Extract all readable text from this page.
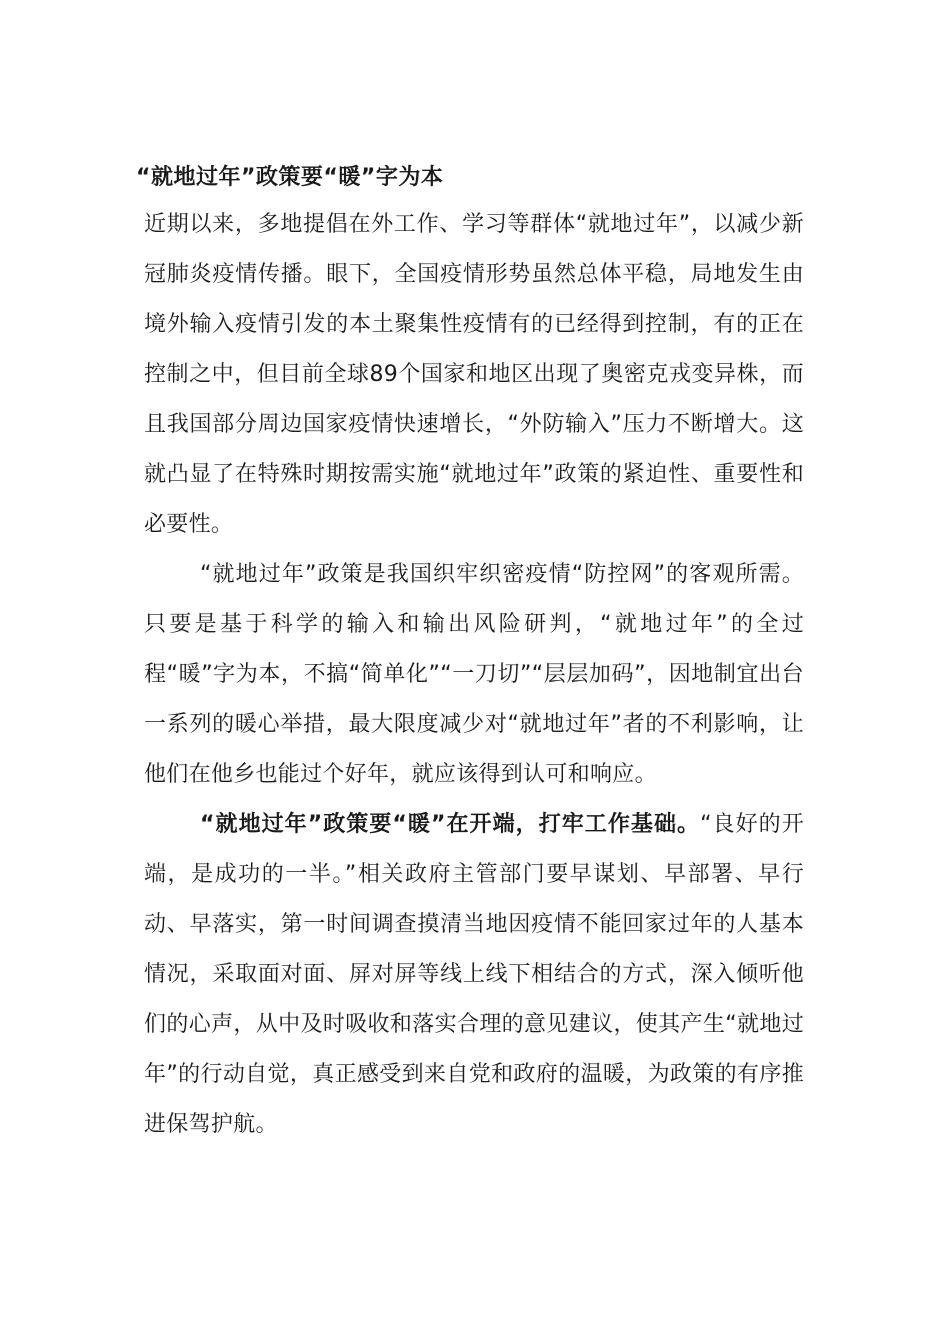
“就地过年”政策要“暖”字为本

近期以来，多地提倡在外工作、学习等群体“就地过年”，以减少新冠肺炎疫情传播。眼下，全国疫情形势虽然总体平稳，局地发生由境外输入疫情引发的本土聚集性疫情有的已经得到控制，有的正在控制之中，但目前全球89个国家和地区出现了奥密克戎变异株，而且我国部分周边国家疫情快速增长，“外防输入”压力不断增大。这就凸显了在特殊时期按需实施“就地过年”政策的紧迫性、重要性和必要性。

“就地过年”政策是我国织牢织密疫情“防控网”的客观所需。只要是基于科学的输入和输出风险研判，“就地过年”的全过程“暖”字为本，不搞“简单化”“一刀切”“层层加码”，因地制宜出台一系列的暖心举措，最大限度减少对“就地过年”者的不利影响，让他们在他乡也能过个好年，就应该得到认可和响应。

“就地过年”政策要“暖”在开端，打牢工作基础。“良好的开端，是成功的一半。”相关政府主管部门要早谋划、早部署、早行动、早落实，第一时间调查摸清当地因疫情不能回家过年的人基本情况，采取面对面、屏对屏等线上线下相结合的方式，深入倾听他们的心声，从中及时吸收和落实合理的意见建议，使其产生“就地过年”的行动自觉，真正感受到来自党和政府的温暖，为政策的有序推进保驾护航。
